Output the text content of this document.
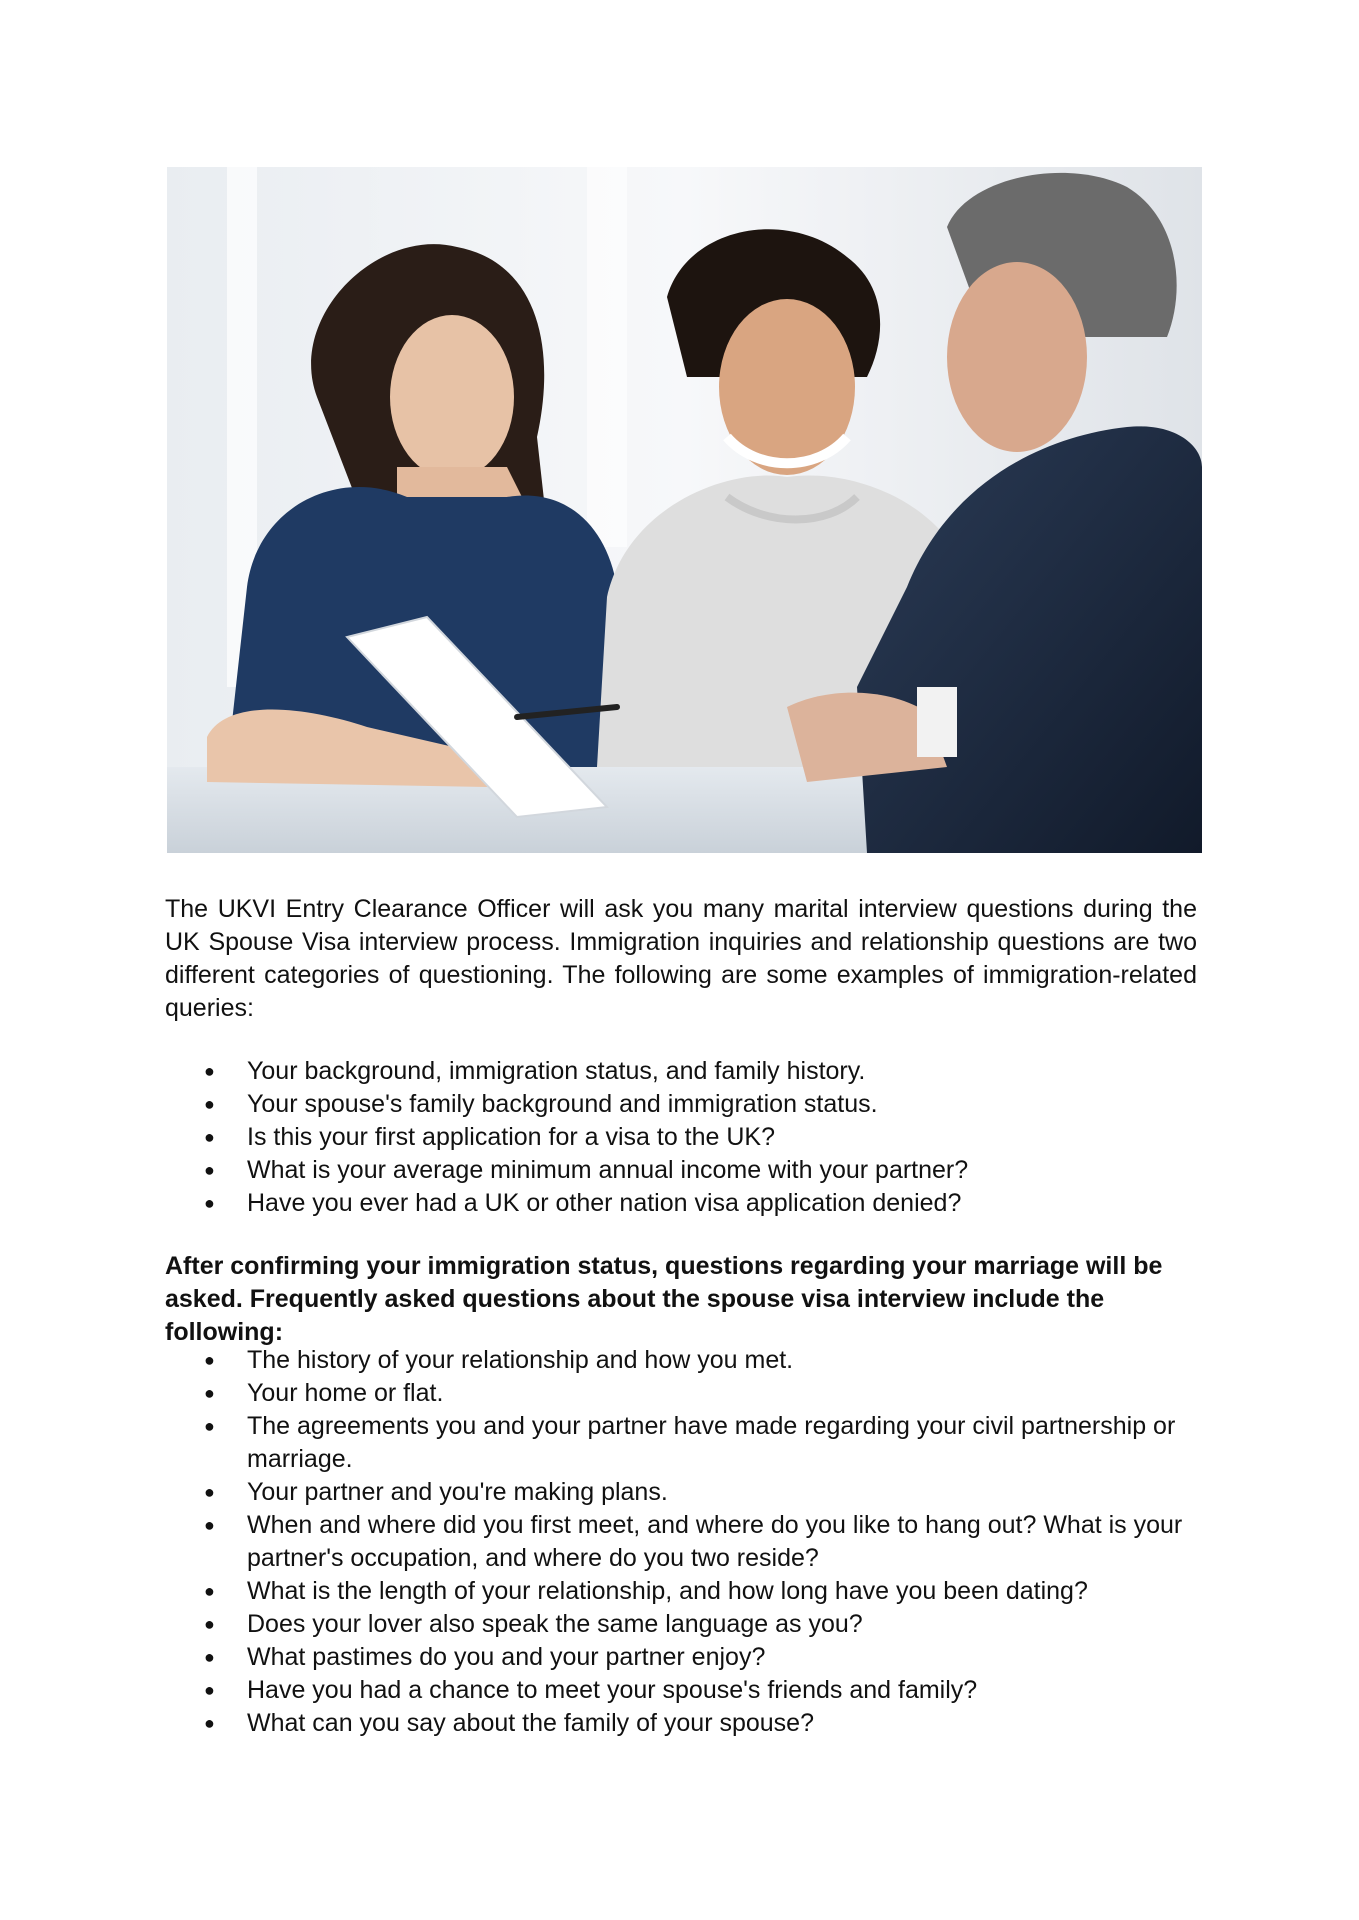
The UKVI Entry Clearance Officer will ask you many marital interview questions during the UK Spouse Visa interview process. Immigration inquiries and relationship questions are two different categories of questioning. The following are some examples of immigration-related queries:

● Your background, immigration status, and family history.
● Your spouse's family background and immigration status.
● Is this your first application for a visa to the UK?
● What is your average minimum annual income with your partner?
● Have you ever had a UK or other nation visa application denied?

After confirming your immigration status, questions regarding your marriage will be asked. Frequently asked questions about the spouse visa interview include the following:

● The history of your relationship and how you met.
● Your home or flat.
● The agreements you and your partner have made regarding your civil partnership or marriage.
● Your partner and you're making plans.
● When and where did you first meet, and where do you like to hang out? What is your partner's occupation, and where do you two reside?
● What is the length of your relationship, and how long have you been dating?
● Does your lover also speak the same language as you?
● What pastimes do you and your partner enjoy?
● Have you had a chance to meet your spouse's friends and family?
● What can you say about the family of your spouse?
